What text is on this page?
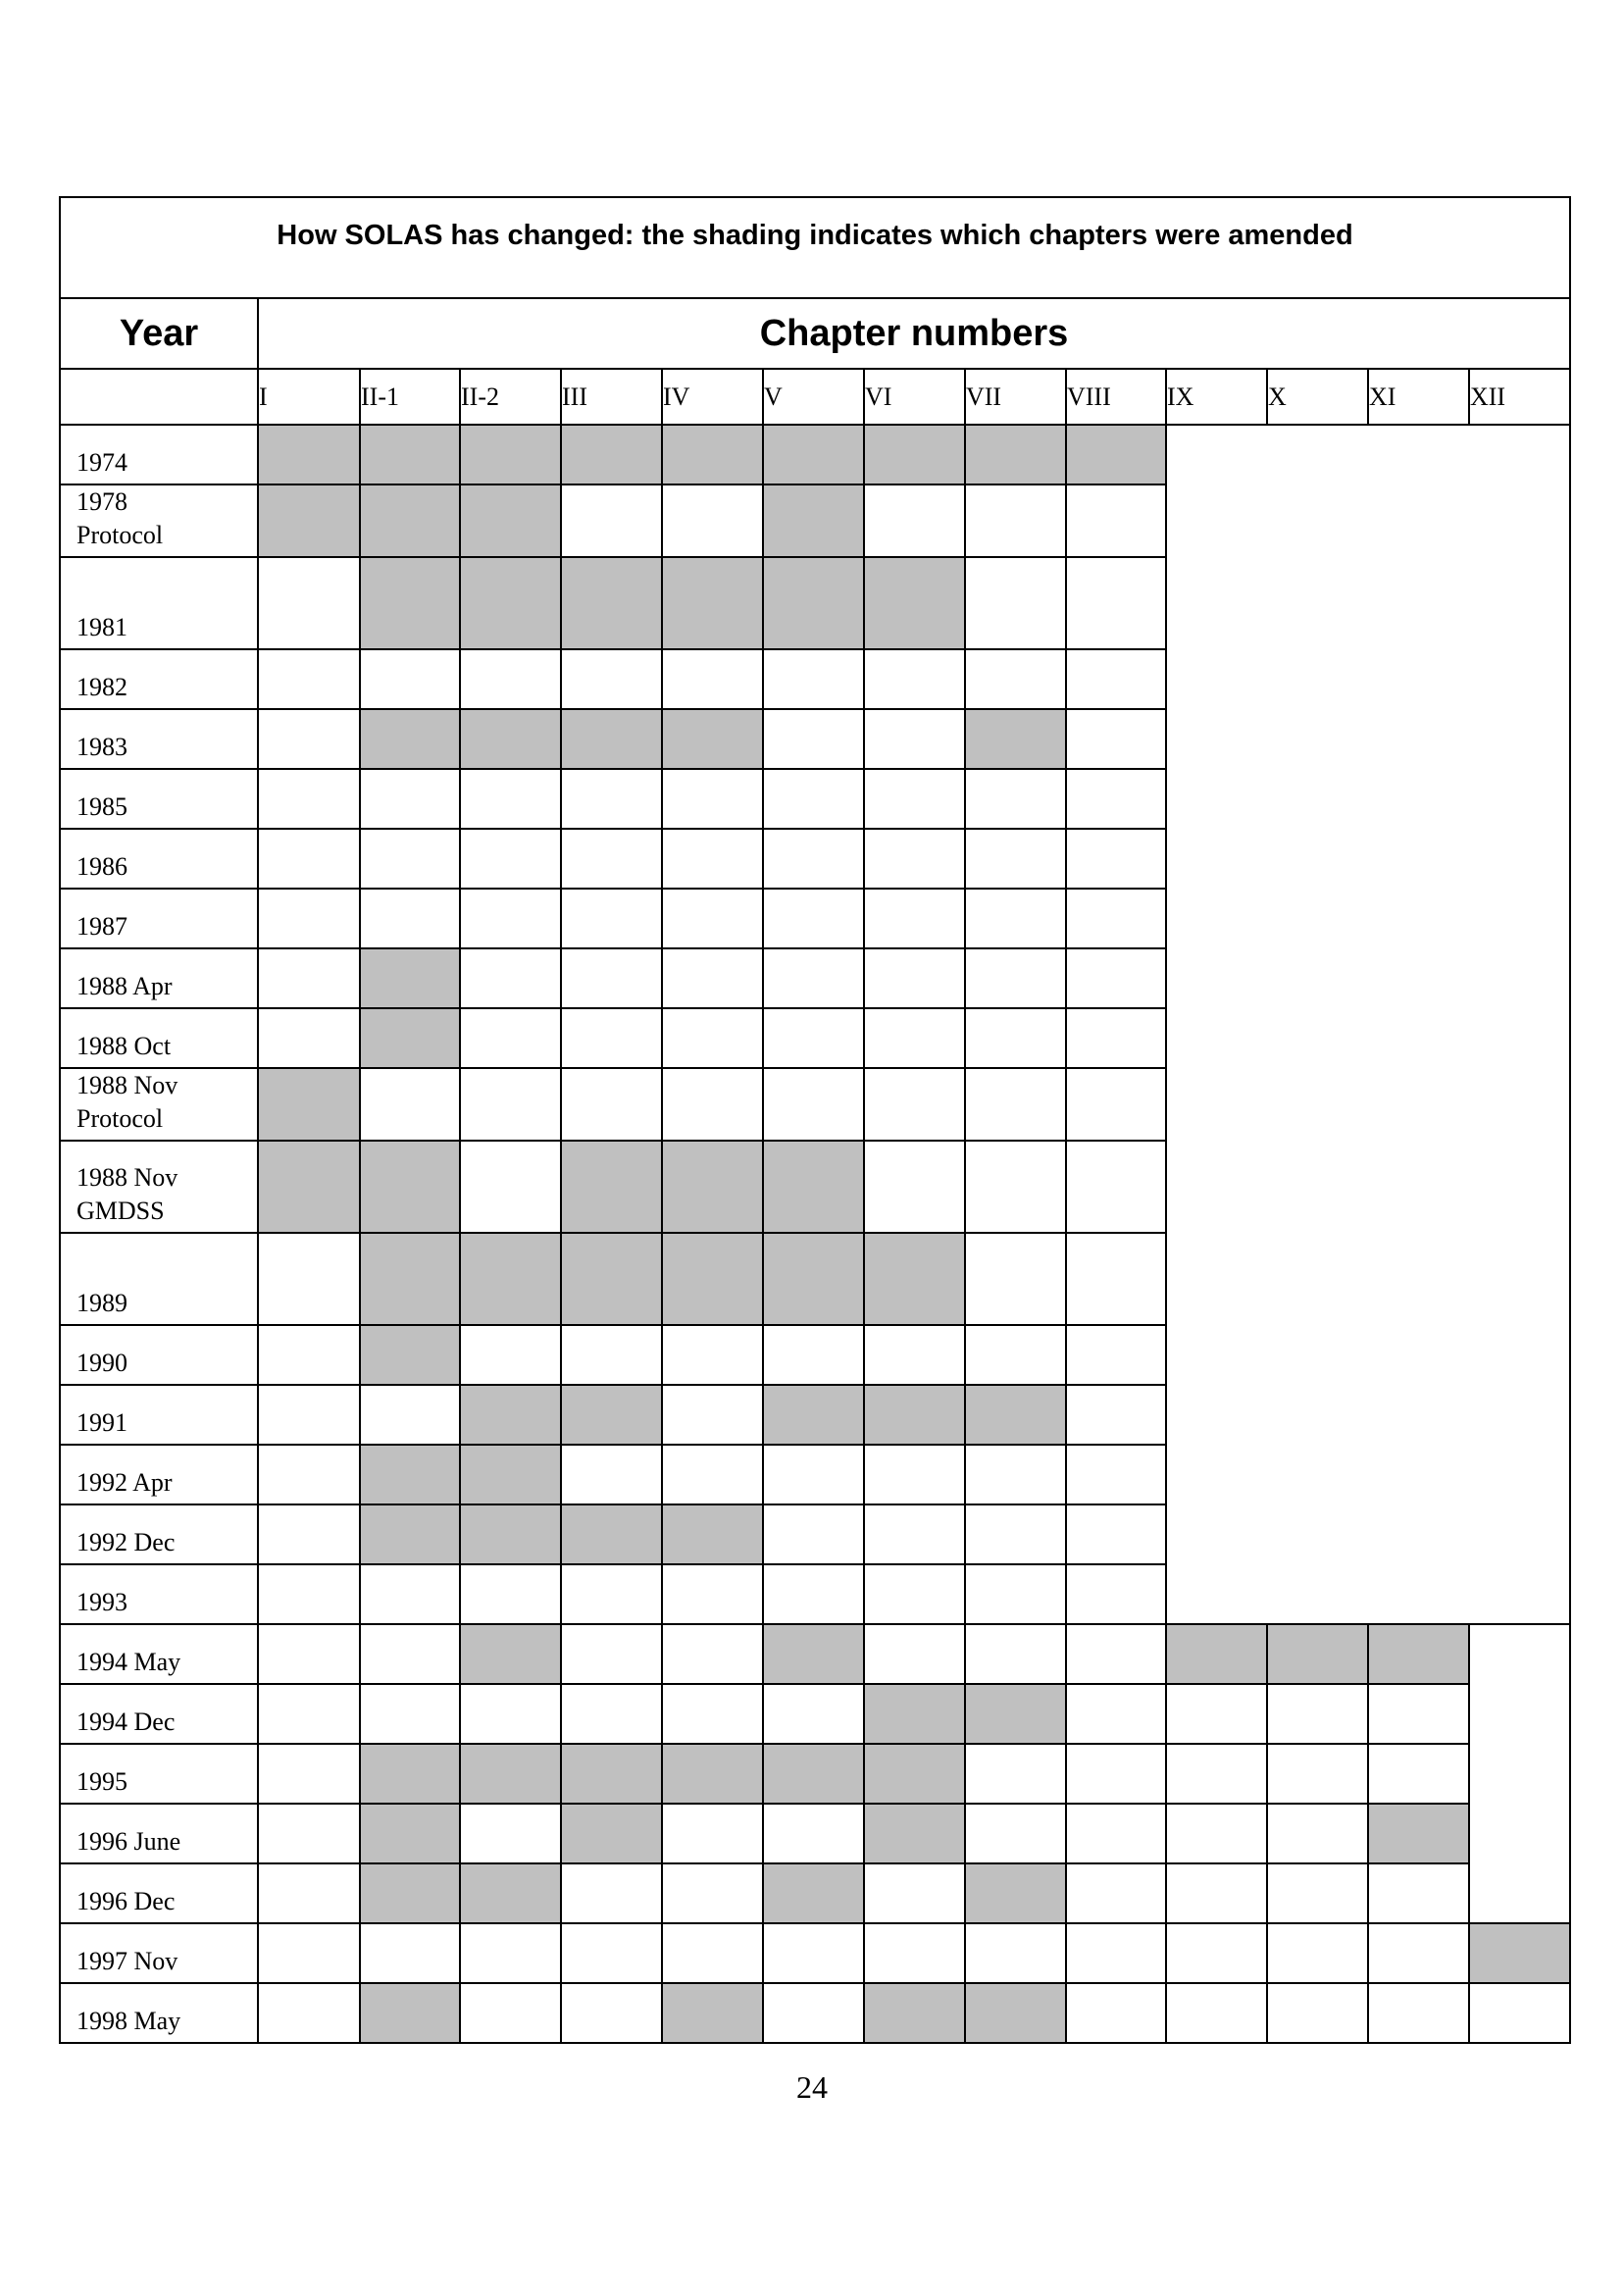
How SOLAS has changed: the shading indicates which chapters were amended													
Year	Chapter numbers												
	I	II-1	II-2	III	IV	V	VI	VII	VIII	IX	X	XI	XII

1974													

1978
Protocol													

1981													

1982													

1983													

1985													

1986													

1987													

1988 Apr													

1988 Oct													

1988 Nov
Protocol													

1988 Nov
GMDSS													

1989													

1990													

1991													

1992 Apr													

1992 Dec													

1993													

1994 May													

1994 Dec													

1995													

1996 June													

1996 Dec													

1997 Nov													

1998 May													

24
